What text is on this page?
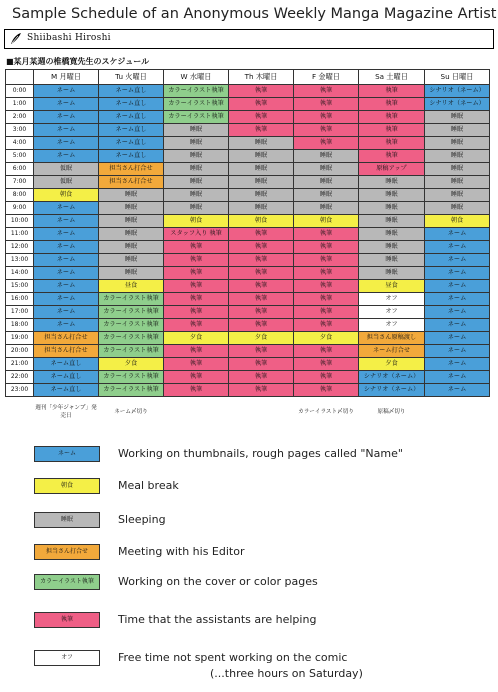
Sample Schedule of an Anonymous Weekly Manga Magazine Artist
Shiibashi Hiroshi
■某月某週の椎橋寛先生のスケジュール
	M 月曜日	Tu 火曜日	W 水曜日	Th 木曜日	F 金曜日	Sa 土曜日	Su 日曜日
0:00	ネーム	ネーム直し	カラーイラスト執筆	執筆	執筆	執筆	シナリオ（ネーム）
1:00	ネーム	ネーム直し	カラーイラスト執筆	執筆	執筆	執筆	シナリオ（ネーム）
2:00	ネーム	ネーム直し	カラーイラスト執筆	執筆	執筆	執筆	睡眠
3:00	ネーム	ネーム直し	睡眠	執筆	執筆	執筆	睡眠
4:00	ネーム	ネーム直し	睡眠	睡眠	執筆	執筆	睡眠
5:00	ネーム	ネーム直し	睡眠	睡眠	睡眠	執筆	睡眠
6:00	仮眠	担当さん打合せ	睡眠	睡眠	睡眠	原稿アップ	睡眠
7:00	仮眠	担当さん打合せ	睡眠	睡眠	睡眠	睡眠	睡眠
8:00	朝食	睡眠	睡眠	睡眠	睡眠	睡眠	睡眠
9:00	ネーム	睡眠	睡眠	睡眠	睡眠	睡眠	睡眠
10:00	ネーム	睡眠	朝食	朝食	朝食	睡眠	朝食
11:00	ネーム	睡眠	スタッフ入り 執筆	執筆	執筆	睡眠	ネーム
12:00	ネーム	睡眠	執筆	執筆	執筆	睡眠	ネーム
13:00	ネーム	睡眠	執筆	執筆	執筆	睡眠	ネーム
14:00	ネーム	睡眠	執筆	執筆	執筆	睡眠	ネーム
15:00	ネーム	昼食	執筆	執筆	執筆	昼食	ネーム
16:00	ネーム	カラーイラスト執筆	執筆	執筆	執筆	オフ	ネーム
17:00	ネーム	カラーイラスト執筆	執筆	執筆	執筆	オフ	ネーム
18:00	ネーム	カラーイラスト執筆	執筆	執筆	執筆	オフ	ネーム
19:00	担当さん打合せ	カラーイラスト執筆	夕食	夕食	夕食	担当さん原稿渡し	ネーム
20:00	担当さん打合せ	カラーイラスト執筆	執筆	執筆	執筆	ネーム打合せ	ネーム
21:00	ネーム直し	夕食	執筆	執筆	執筆	夕食	ネーム
22:00	ネーム直し	カラーイラスト執筆	執筆	執筆	執筆	シナリオ（ネーム）	ネーム
23:00	ネーム直し	カラーイラスト執筆	執筆	執筆	執筆	シナリオ（ネーム）	ネーム
	週刊「少年ジャンプ」発売日	ネーム〆切り			カラーイラスト〆切り	原稿〆切り	
ネーム	Working on thumbnails, rough pages called "Name"
朝食	Meal break
睡眠	Sleeping
担当さん打合せ	Meeting with his Editor
カラーイラスト執筆	Working on the cover or color pages
執筆	Time that the assistants are helping
オフ	Free time not spent working on the comic
(...three hours on Saturday)
